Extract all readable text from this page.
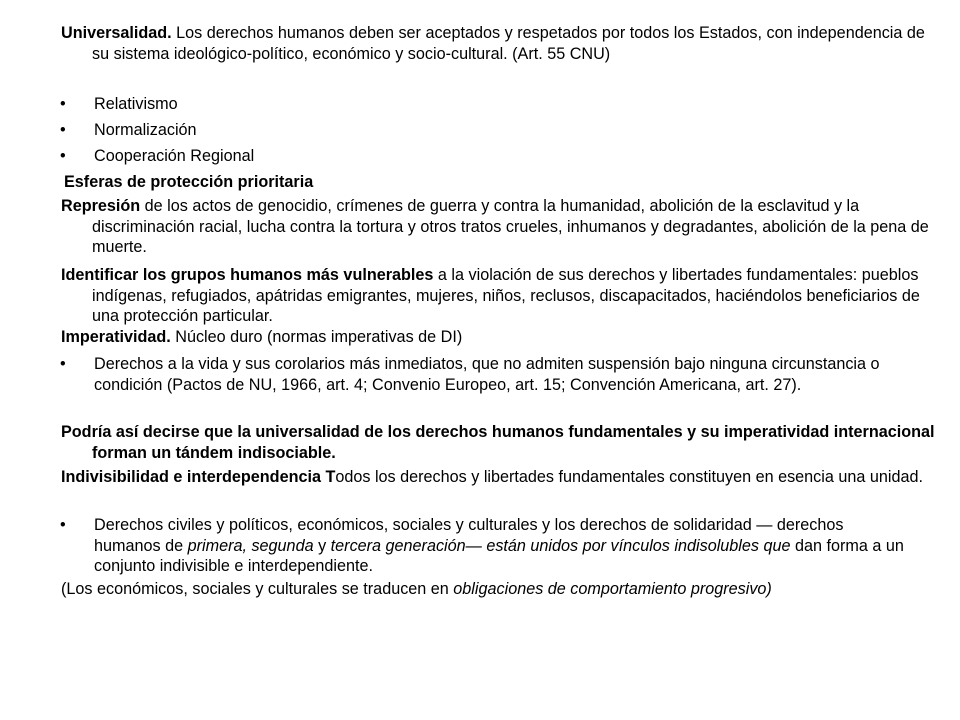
Universalidad. Los derechos humanos deben ser aceptados y respetados por todos los Estados, con independencia de su sistema ideológico-político, económico y socio-cultural. (Art. 55 CNU)

• Relativismo

• Normalización

• Cooperación Regional

Esferas de protección prioritaria

Represión de los actos de genocidio, crímenes de guerra y contra la humanidad, abolición de la esclavitud y la discriminación racial, lucha contra la tortura y otros tratos crueles, inhumanos y degradantes, abolición de la pena de muerte.

Identificar los grupos humanos más vulnerables a la violación de sus derechos y libertades fundamentales: pueblos indígenas, refugiados, apátridas emigrantes, mujeres, niños, reclusos, discapacitados, haciéndolos beneficiarios de una protección particular.

Imperatividad. Núcleo duro (normas imperativas de DI)

• Derechos a la vida y sus corolarios más inmediatos, que no admiten suspensión bajo ninguna circunstancia o condición (Pactos de NU, 1966, art. 4; Convenio Europeo, art. 15; Convención Americana, art. 27).

Podría así decirse que la universalidad de los derechos humanos fundamentales y su imperatividad internacional forman un tándem indisociable.

Indivisibilidad e interdependencia Todos los derechos y libertades fundamentales constituyen en esencia una unidad.

• Derechos civiles y políticos, económicos, sociales y culturales y los derechos de solidaridad — derechos humanos de primera, segunda y tercera generación— están unidos por vínculos indisolubles que dan forma a un conjunto indivisible e interdependiente.

(Los económicos, sociales y culturales se traducen en obligaciones de comportamiento progresivo)
